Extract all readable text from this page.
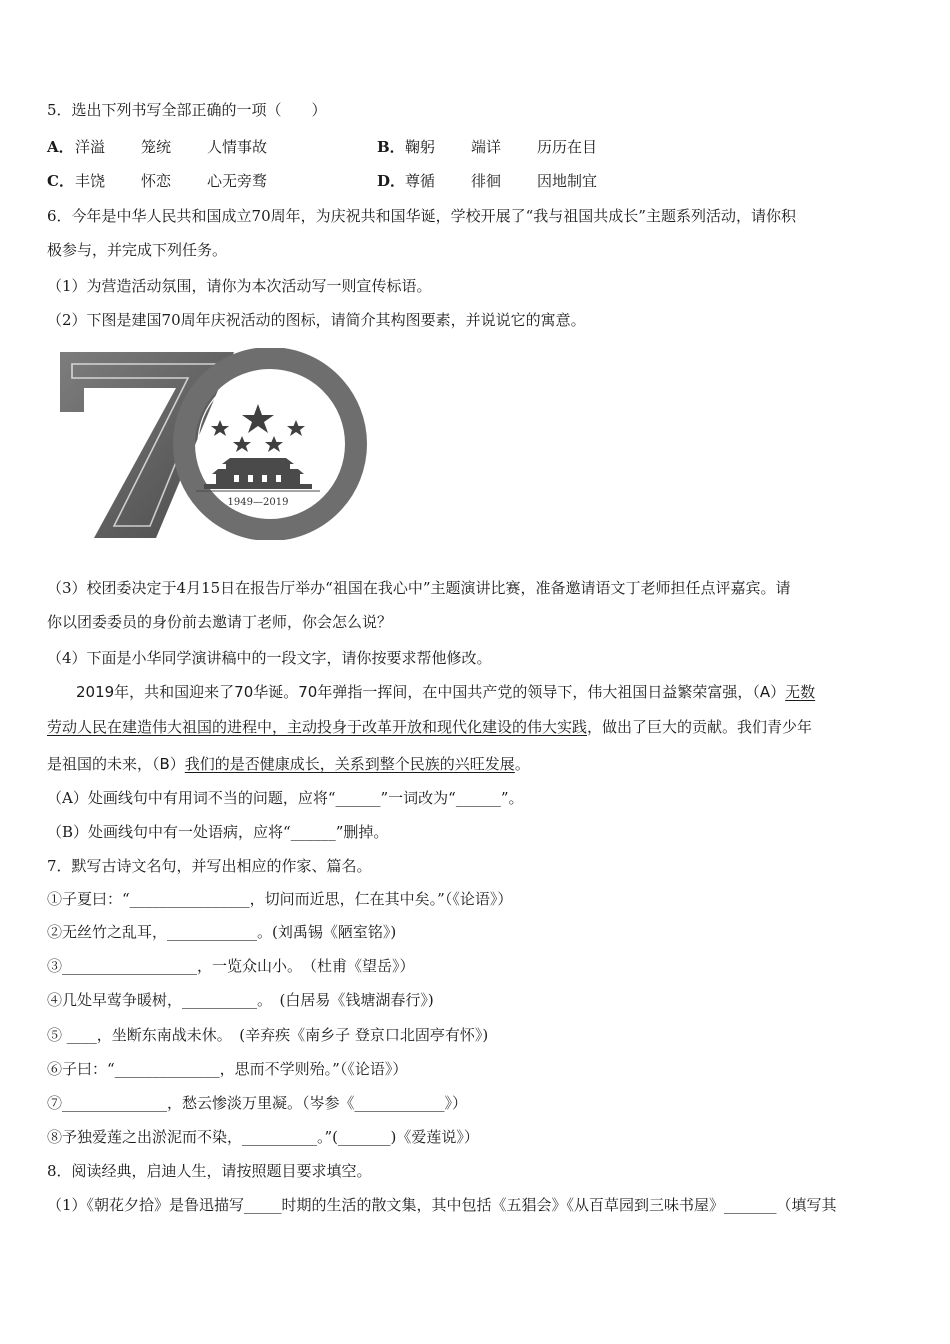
5．选出下列书写全部正确的一项（　　）
A．洋溢 笼统 人情事故	B．鞠躬 端详 历历在目
C．丰饶 怀恋 心无旁骛	D．尊循 徘徊 因地制宜
6．今年是中华人民共和国成立70周年，为庆祝共和国华诞，学校开展了“我与祖国共成长”主题系列活动，请你积
极参与，并完成下列任务。
（1）为营造活动氛围，请你为本次活动写一则宣传标语。
（2）下图是建国70周年庆祝活动的图标，请简介其构图要素，并说说它的寓意。
1949—2019
（3）校团委决定于4月15日在报告厅举办“祖国在我心中”主题演讲比赛，准备邀请语文丁老师担任点评嘉宾。请
你以团委委员的身份前去邀请丁老师，你会怎么说？
（4）下面是小华同学演讲稿中的一段文字，请你按要求帮他修改。
2019年，共和国迎来了70华诞。70年弹指一挥间，在中国共产党的领导下，伟大祖国日益繁荣富强，（A）无数
劳动人民在建造伟大祖国的进程中，主动投身于改革开放和现代化建设的伟大实践，做出了巨大的贡献。我们青少年
是祖国的未来，（B）我们的是否健康成长，关系到整个民族的兴旺发展。
（A）处画线句中有用词不当的问题，应将“______”一词改为“______”。
（B）处画线句中有一处语病，应将“______”删掉。
7．默写古诗文名句，并写出相应的作家、篇名。
①子夏曰：“________________，切问而近思，仁在其中矣。”（《论语》）
②无丝竹之乱耳，____________。(刘禹锡《陋室铭》)
③__________________，一览众山小。　（杜甫《望岳》）
④几处早莺争暖树，__________。　(白居易《钱塘湖春行》)
⑤ ____，坐断东南战未休。　(辛弃疾《南乡子 登京口北固亭有怀》)
⑥子曰：“______________，思而不学则殆。”（《论语》）
⑦______________，愁云惨淡万里凝。（岑参《____________》）
⑧予独爱莲之出淤泥而不染，__________。”(_______)《爱莲说》）
8．阅读经典，启迪人生，请按照题目要求填空。
（1）《朝花夕拾》是鲁迅描写_____时期的生活的散文集，其中包括《五猖会》《从百草园到三味书屋》_______（填写其
